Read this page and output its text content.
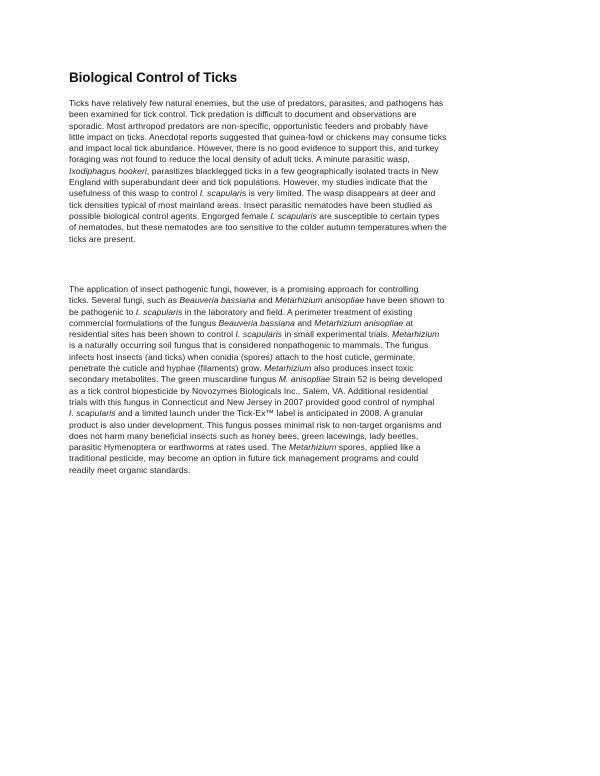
Biological Control of Ticks
Ticks have relatively few natural enemies, but the use of predators, parasites, and pathogens has
been examined for tick control. Tick predation is difficult to document and observations are
sporadic. Most arthropod predators are non-specific, opportunistic feeders and probably have
little impact on ticks. Anecdotal reports suggested that guinea-fowl or chickens may consume ticks
and impact local tick abundance. However, there is no good evidence to support this, and turkey
foraging was not found to reduce the local density of adult ticks. A minute parasitic wasp,
Ixodiphagus hookeri, parasitizes blacklegged ticks in a few geographically isolated tracts in New
England with superabundant deer and tick populations. However, my studies indicate that the
usefulness of this wasp to control I. scapularis is very limited. The wasp disappears at deer and
tick densities typical of most mainland areas. Insect parasitic nematodes have been studied as
possible biological control agents. Engorged female I. scapularis are susceptible to certain types
of nematodes, but these nematodes are too sensitive to the colder autumn temperatures when the
ticks are present.
The application of insect pathogenic fungi, however, is a promising approach for controlling
ticks. Several fungi, such as Beauveria bassiana and Metarhizium anisopliae have been shown to
be pathogenic to I. scapularis in the laboratory and field. A perimeter treatment of existing
commercial formulations of the fungus Beauveria bassiana and Metarhizium anisopliae at
residential sites has been shown to control I. scapularis in small experimental trials. Metarhizium
is a naturally occurring soil fungus that is considered nonpathogenic to mammals. The fungus
infects host insects (and ticks) when conidia (spores) attach to the host cuticle, germinate,
penetrate the cuticle and hyphae (filaments) grow. Metarhizium also produces insect toxic
secondary metabolites. The green muscardine fungus M. anisopliae Strain 52 is being developed
as a tick control biopesticide by Novozymes Biologicals Inc., Salem, VA. Additional residential
trials with this fungus in Connecticut and New Jersey in 2007 provided good control of nymphal
I. scapularis and a limited launch under the Tick-Ex™ label is anticipated in 2008. A granular
product is also under development. This fungus posses minimal risk to non-target organisms and
does not harm many beneficial insects such as honey bees, green lacewings, lady beetles,
parasitic Hymenoptera or earthworms at rates used. The Metarhizium spores, applied like a
traditional pesticide, may become an option in future tick management programs and could
readily meet organic standards.
